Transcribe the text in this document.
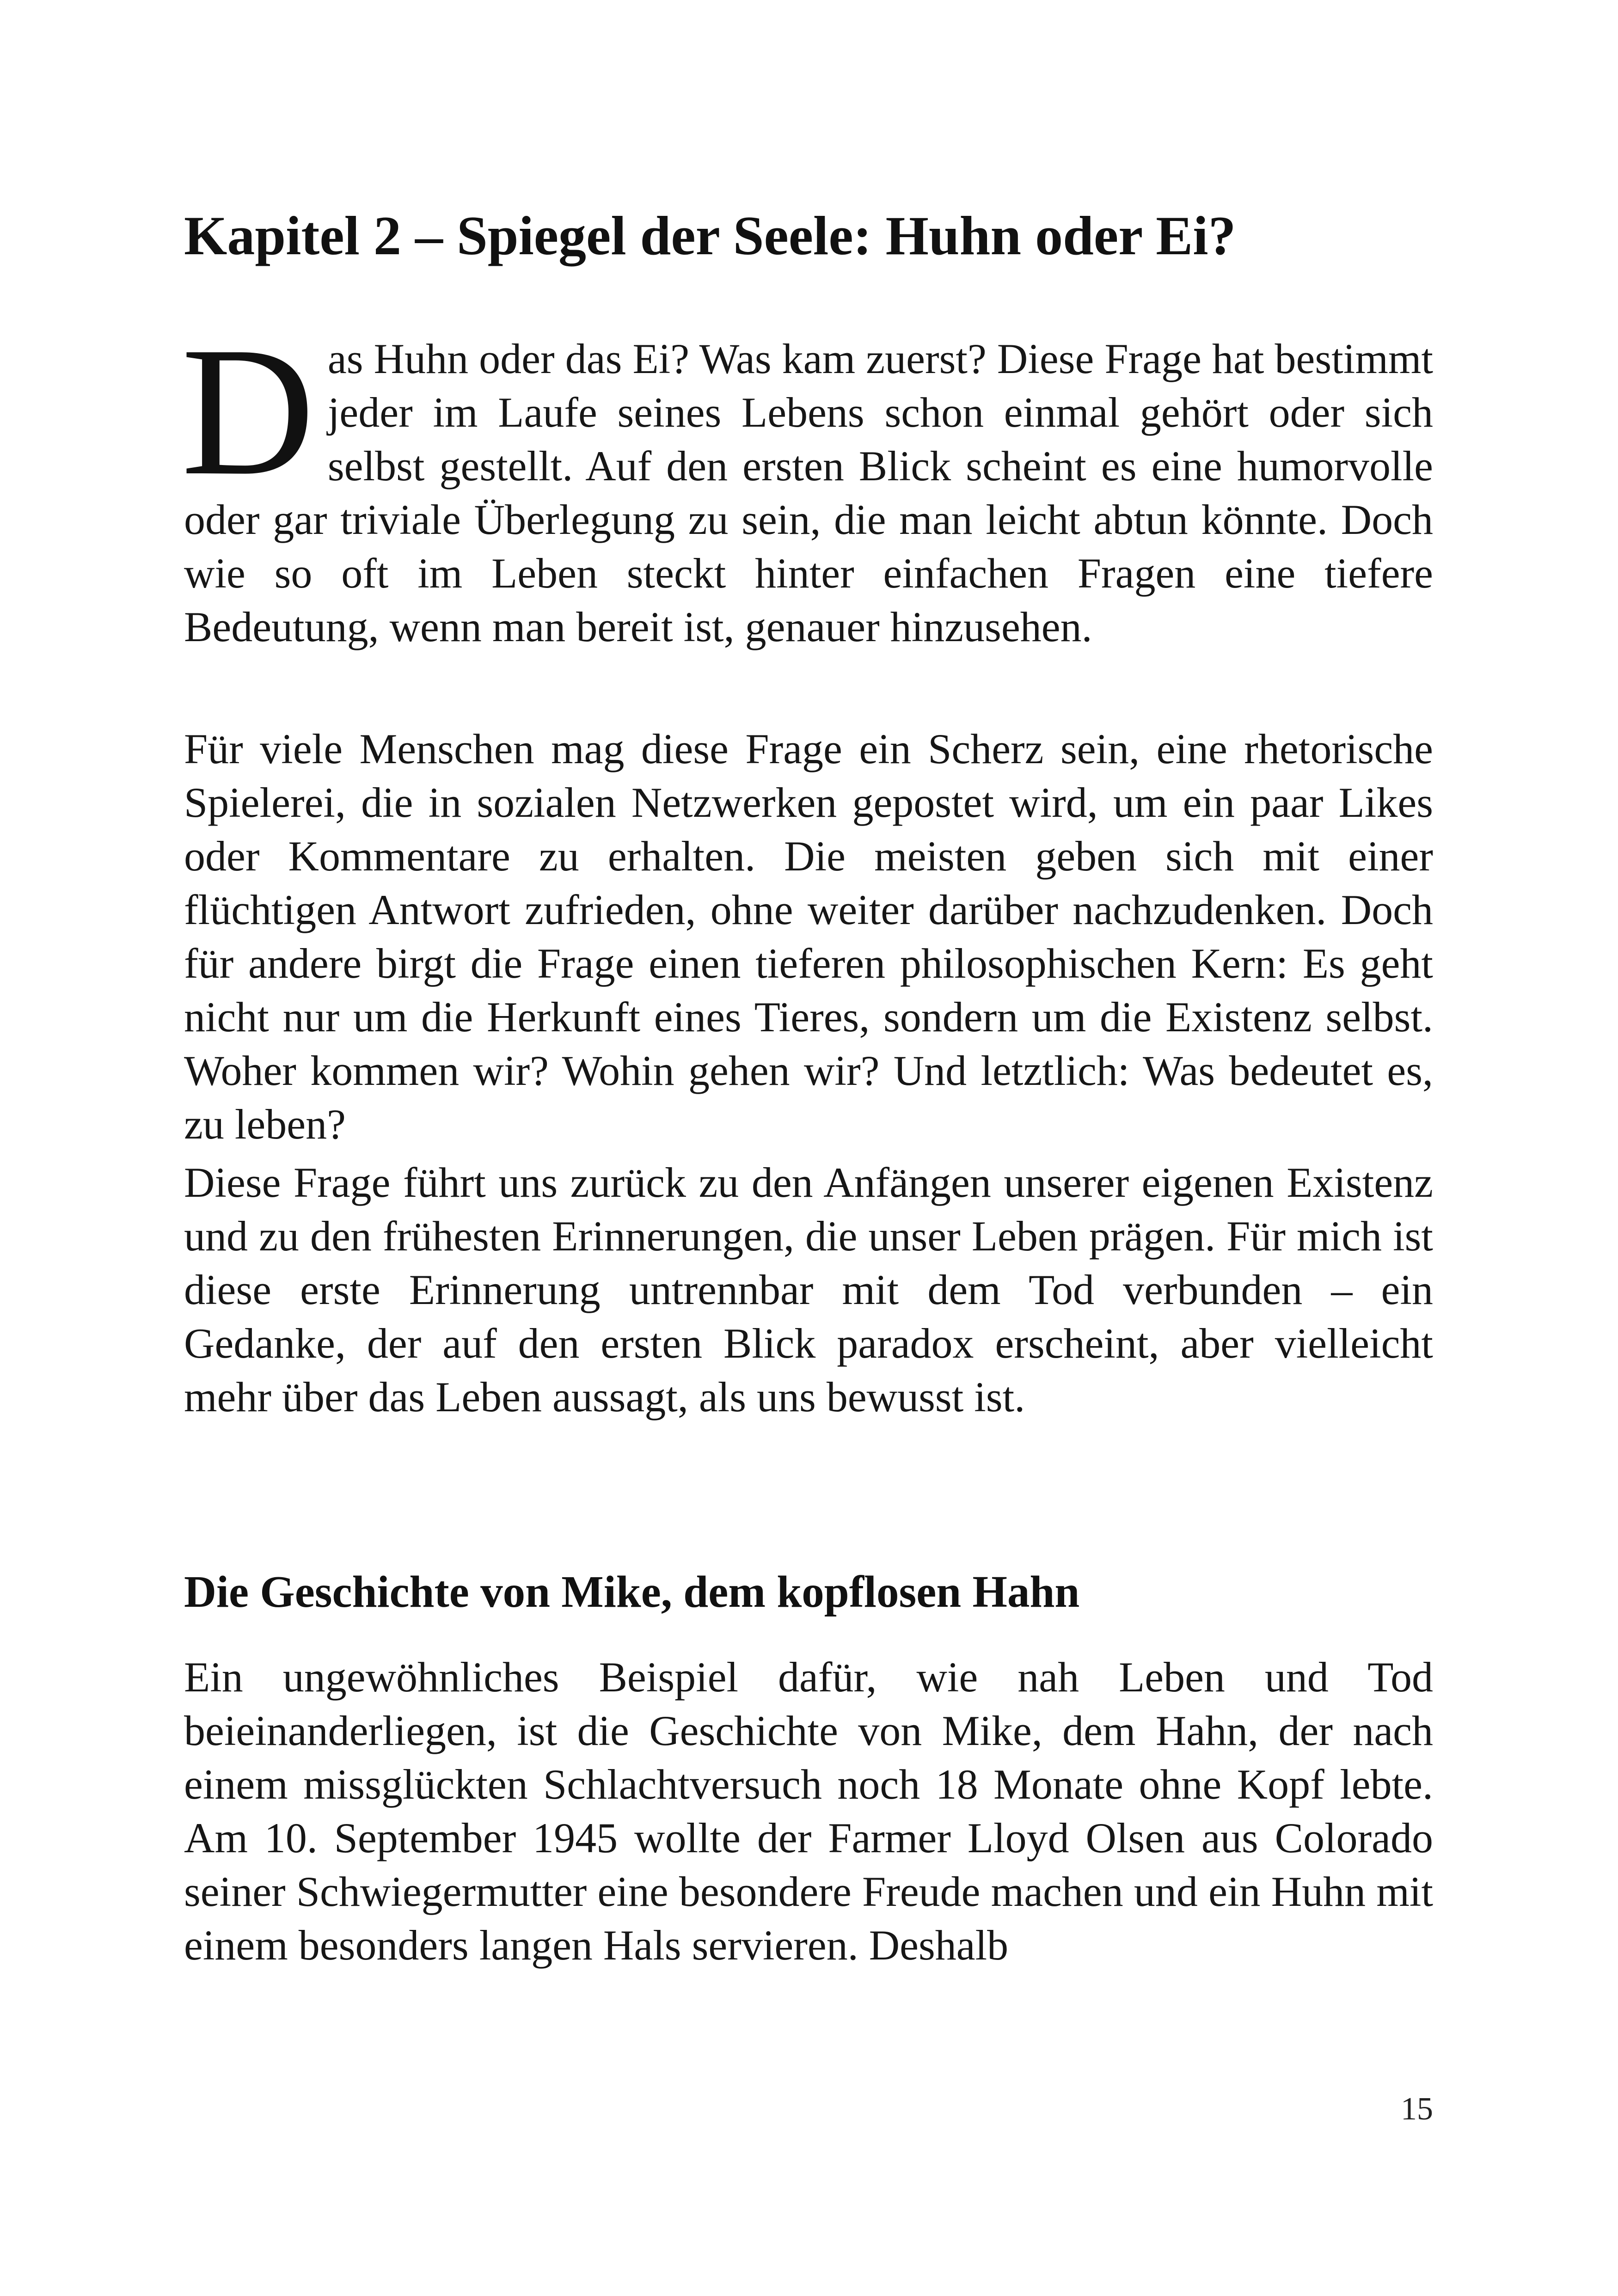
Kapitel 2 – Spiegel der Seele: Huhn oder Ei?

Das Huhn oder das Ei? Was kam zuerst? Diese Frage hat bestimmt jeder im Laufe seines Lebens schon einmal gehört oder sich selbst gestellt. Auf den ersten Blick scheint es eine humorvolle oder gar triviale Überlegung zu sein, die man leicht abtun könnte. Doch wie so oft im Leben steckt hinter einfachen Fragen eine tiefere Bedeutung, wenn man bereit ist, genauer hinzusehen.

Für viele Menschen mag diese Frage ein Scherz sein, eine rhetorische Spielerei, die in sozialen Netzwerken gepostet wird, um ein paar Likes oder Kommentare zu erhalten. Die meisten geben sich mit einer flüchtigen Antwort zufrieden, ohne weiter darüber nachzudenken. Doch für andere birgt die Frage einen tieferen philosophischen Kern: Es geht nicht nur um die Herkunft eines Tieres, sondern um die Existenz selbst. Woher kommen wir? Wohin gehen wir? Und letztlich: Was bedeutet es, zu leben?

Diese Frage führt uns zurück zu den Anfängen unserer eigenen Existenz und zu den frühesten Erinnerungen, die unser Leben prägen. Für mich ist diese erste Erinnerung untrennbar mit dem Tod verbunden – ein Gedanke, der auf den ersten Blick paradox erscheint, aber vielleicht mehr über das Leben aussagt, als uns bewusst ist.

Die Geschichte von Mike, dem kopflosen Hahn

Ein ungewöhnliches Beispiel dafür, wie nah Leben und Tod beieinanderliegen, ist die Geschichte von Mike, dem Hahn, der nach einem missglückten Schlachtversuch noch 18 Monate ohne Kopf lebte. Am 10. September 1945 wollte der Farmer Lloyd Olsen aus Colorado seiner Schwiegermutter eine besondere Freude machen und ein Huhn mit einem besonders langen Hals servieren. Deshalb

15
